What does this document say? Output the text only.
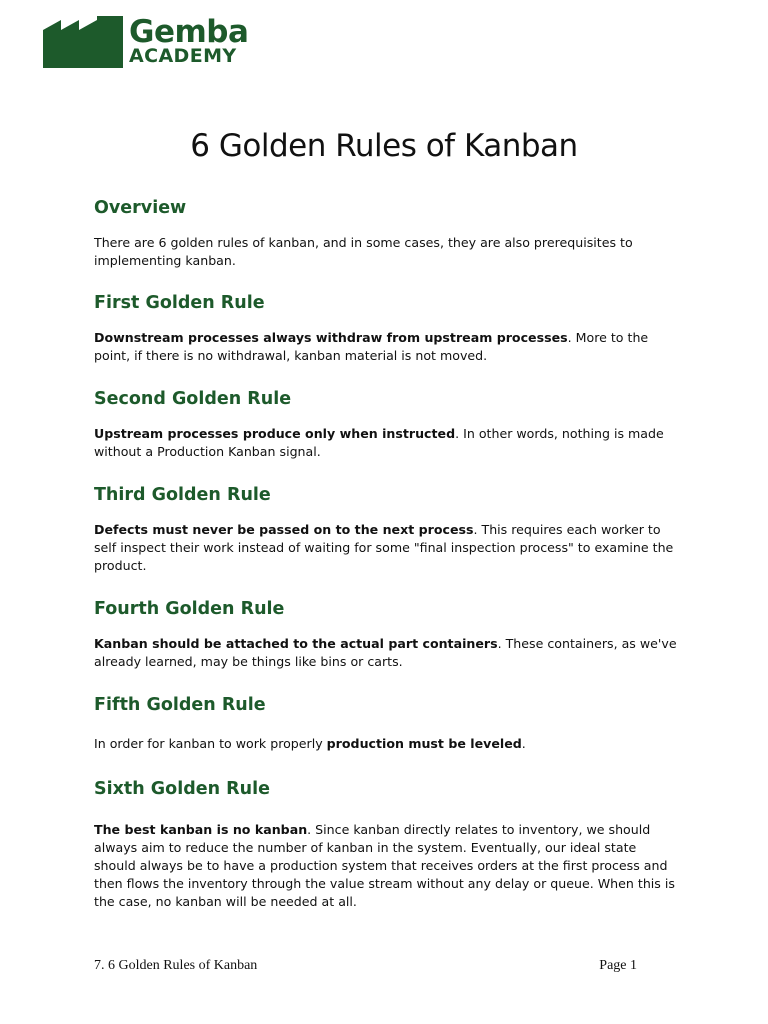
Gemba
ACADEMY
6 Golden Rules of Kanban
Overview

There are 6 golden rules of kanban, and in some cases, they are also prerequisites to implementing kanban.

First Golden Rule

Downstream processes always withdraw from upstream processes. More to the point, if there is no withdrawal, kanban material is not moved.

Second Golden Rule

Upstream processes produce only when instructed. In other words, nothing is made without a Production Kanban signal.

Third Golden Rule

Defects must never be passed on to the next process. This requires each worker to self inspect their work instead of waiting for some "final inspection process" to examine the product.

Fourth Golden Rule

Kanban should be attached to the actual part containers. These containers, as we've already learned, may be things like bins or carts.

Fifth Golden Rule

In order for kanban to work properly production must be leveled.

Sixth Golden Rule

The best kanban is no kanban. Since kanban directly relates to inventory, we should always aim to reduce the number of kanban in the system. Eventually, our ideal state should always be to have a production system that receives orders at the first process and then flows the inventory through the value stream without any delay or queue. When this is the case, no kanban will be needed at all.

7. 6 Golden Rules of Kanban	Page 1
